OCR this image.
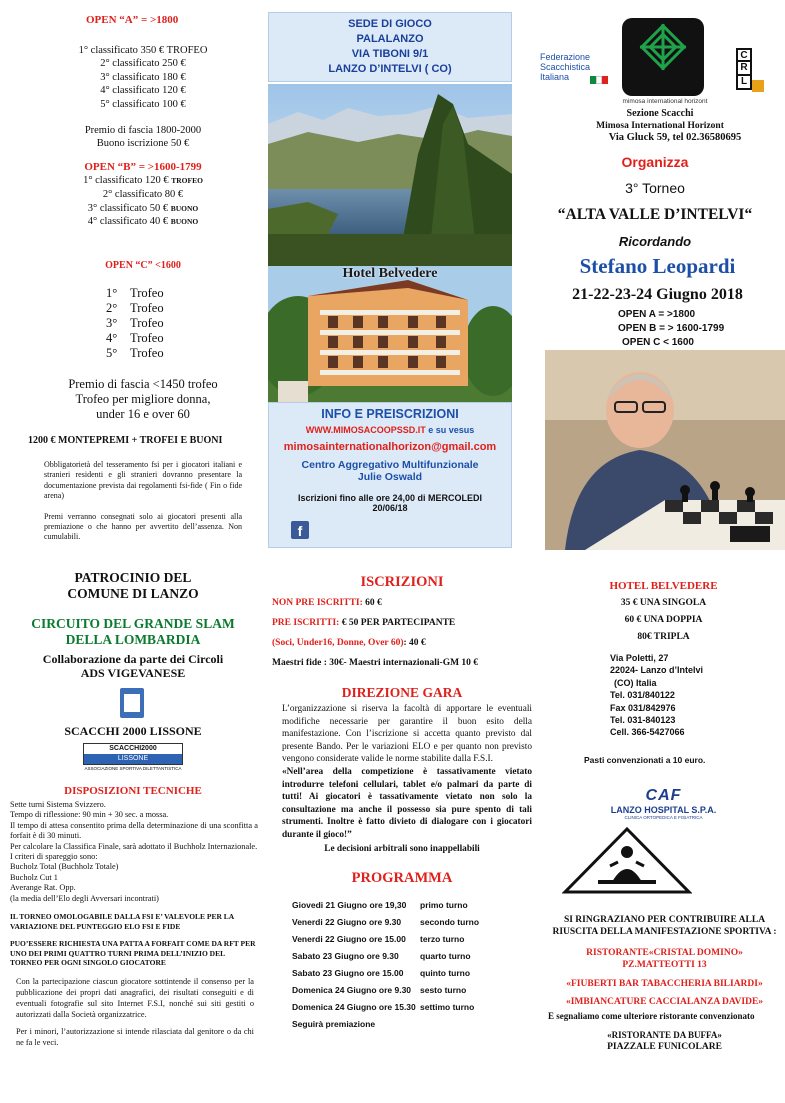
OPEN “A” = >1800
1° classificato 350 € TROFEO
2° classificato 250 €
3° classificato 180 €
4° classificato 120 €
5° classificato 100 €
Premio di fascia 1800-2000
Buono iscrizione 50 €
OPEN “B” = >1600-1799
1° classificato 120 € TROFEO
2° classificato 80 €
3° classificato 50 € BUONO
4° classificato 40 € BUONO
OPEN “C” <1600
1° Trofeo
2° Trofeo
3° Trofeo
4° Trofeo
5° Trofeo
Premio di fascia <1450 trofeo
Trofeo per migliore donna,
under 16 e over 60
1200 € MONTEPREMI + TROFEI E BUONI
Obbligatorietà del tesseramento fsi per i giocatori italiani e stranieri residenti e gli stranieri dovranno presentare la documentazione prevista dai regolamenti fsi-fide ( Fin o fide arena)
Premi verranno consegnati solo ai giocatori presenti alla premiazione o che hanno per avvertito dell’assenza. Non cumulabili.
SEDE DI GIOCO
PALALANZO
VIA TIBONI 9/1
LANZO D’INTELVI ( CO)
Hotel Belvedere
INFO E PREISCRIZIONI
WWW.MIMOSACOOPSSD.IT e su vesus
mimosainternationalhorizon@gmail.com
Centro Aggregativo Multifunzionale
Julie Oswald
Iscrizioni fino alle ore 24,00 di MERCOLEDI
20/06/18
f
Federazione
Scacchistica
Italiana
mimosa international horizont
C
R
L
Sezione Scacchi
Mimosa International Horizont
Via Gluck 59, tel 02.36580695
Organizza
3° Torneo
“ALTA VALLE D’INTELVI“
Ricordando
Stefano Leopardi
21-22-23-24 Giugno 2018
OPEN A = >1800
OPEN B = > 1600-1799
OPEN C < 1600
PATROCINIO DEL
COMUNE DI LANZO
CIRCUITO DEL GRANDE SLAM
DELLA LOMBARDIA
Collaborazione da parte dei Circoli
ADS VIGEVANESE
SCACCHI 2000 LISSONE
SCACCHI2000
LISSONE
ASSOCIAZIONE SPORTIVA DILETTANTISTICA
DISPOSIZIONI TECNICHE
Sette turni Sistema Svizzero.
Tempo di riflessione: 90 min + 30 sec. a mossa.
Il tempo di attesa consentito prima della determinazione di una sconfitta a forfait è di 30 minuti.
Per calcolare la Classifica Finale, sarà adottato il Buchholz Internazionale.
I criteri di spareggio sono:
Bucholz Total (Buchholz Totale)
Bucholz Cut 1
Averange Rat. Opp.
(la media dell’Elo degli Avversari incontrati)
IL TORNEO OMOLOGABILE DALLA FSI E’ VALEVOLE PER LA VARIAZIONE DEL PUNTEGGIO ELO FSI E FIDE
PUO’ESSERE RICHIESTA UNA PATTA A FORFAIT COME DA RFT PER UNO DEI PRIMI QUATTRO TURNI PRIMA DELL’INIZIO DEL TORNEO PER OGNI SINGOLO GIOCATORE
Con la partecipazione ciascun giocatore sottintende il consenso per la pubblicazione dei propri dati anagrafici, dei risultati conseguiti e di eventuali fotografie sul sito Internet F.S.I, nonché sui siti gestiti o autorizzati dalla Società organizzatrice.
Per i minori, l’autorizzazione si intende rilasciata dal genitore o da chi ne fa le veci.
ISCRIZIONI
NON PRE ISCRITTI: 60 €
PRE ISCRITTI: € 50 PER PARTECIPANTE
(Soci, Under16, Donne, Over 60): 40 €
Maestri fide : 30€- Maestri internazionali-GM 10 €
DIREZIONE GARA
L’organizzazione si riserva la facoltà di apportare le eventuali modifiche necessarie per garantire il buon esito della manifestazione. Con l’iscrizione si accetta quanto previsto dal presente Bando. Per le variazioni ELO e per quanto non previsto vengono considerate valide le norme stabilite dalla F.S.I.
«Nell’area della competizione è tassativamente vietato introdurre telefoni cellulari, tablet e/o palmari da parte di tutti! Ai giocatori è tassativamente vietato non solo la consultazione ma anche il possesso sia pure spento di tali strumenti. Inoltre è fatto divieto di dialogare con i giocatori durante il gioco!”
Le decisioni arbitrali sono inappellabili
PROGRAMMA
Giovedi 21 Giugno ore 19,30 primo turno
Venerdi 22 Giugno ore 9.30 secondo turno
Venerdi 22 Giugno ore 15.00 terzo turno
Sabato 23 Giugno ore 9.30 quarto turno
Sabato 23 Giugno ore 15.00 quinto turno
Domenica 24 Giugno ore 9.30 sesto turno
Domenica 24 Giugno ore 15.30 settimo turno
Seguirà premiazione
HOTEL BELVEDERE
35 € UNA SINGOLA
60 € UNA DOPPIA
80€ TRIPLA
Via Poletti, 27
22024- Lanzo d’Intelvi
(CO) Italia
Tel. 031/840122
Fax 031/842976
Tel. 031-840123
Cell. 366-5427066
Pasti convenzionati a 10 euro.
CAF
LANZO HOSPITAL S.P.A.
CLINICA ORTOPEDICA E FISIATRICA
SI RINGRAZIANO PER CONTRIBUIRE ALLA RIUSCITA DELLA MANIFESTAZIONE SPORTIVA :
RISTORANTE«CRISTAL DOMINO»
PZ.MATTEOTTI 13
«FIUBERTI BAR TABACCHERIA BILIARDI»
«IMBIANCATURE CACCIALANZA DAVIDE»
E segnaliamo come ulteriore ristorante convenzionato
«RISTORANTE DA BUFFA»
PIAZZALE FUNICOLARE
